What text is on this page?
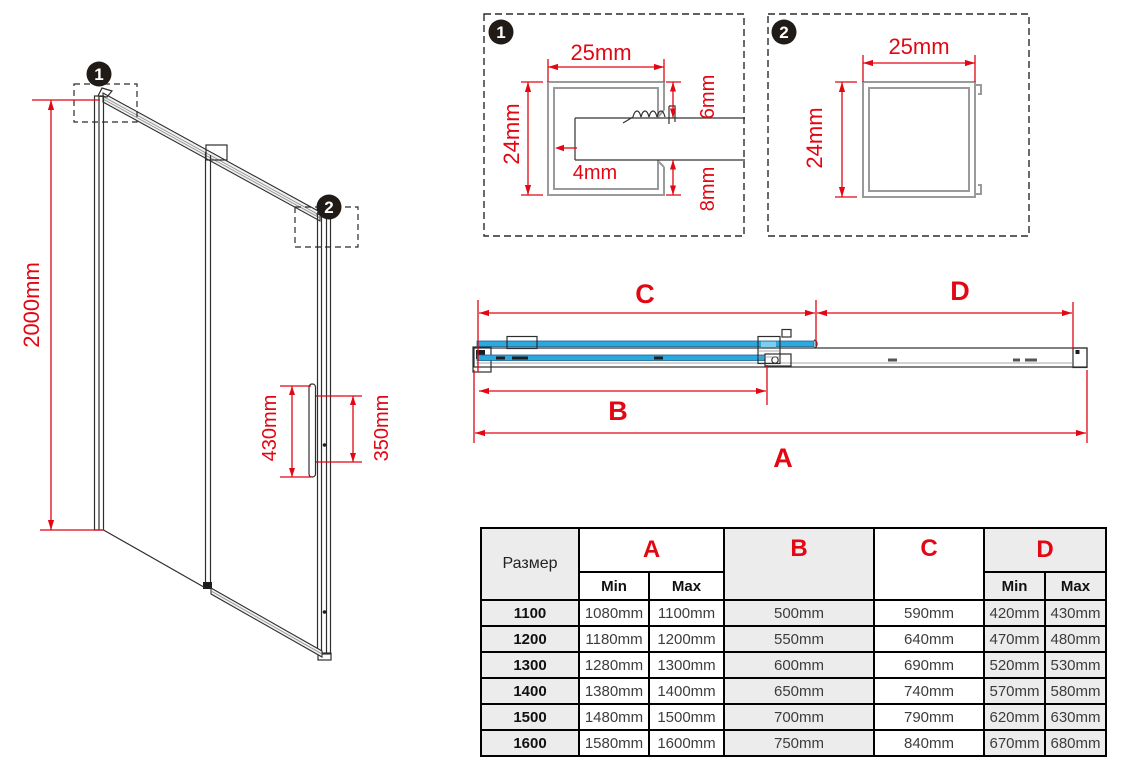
1
2
2000mm
430mm	350mm
1
25mm
24mm
6mm
8mm
4mm
2
25mm
24mm
C	D
B
A
Размер	A		B	C	D	
	Min	Max			Min	Max
1100	1080mm	1100mm	500mm	590mm	420mm	430mm
1200	1180mm	1200mm	550mm	640mm	470mm	480mm
1300	1280mm	1300mm	600mm	690mm	520mm	530mm
1400	1380mm	1400mm	650mm	740mm	570mm	580mm
1500	1480mm	1500mm	700mm	790mm	620mm	630mm
1600	1580mm	1600mm	750mm	840mm	670mm	680mm
